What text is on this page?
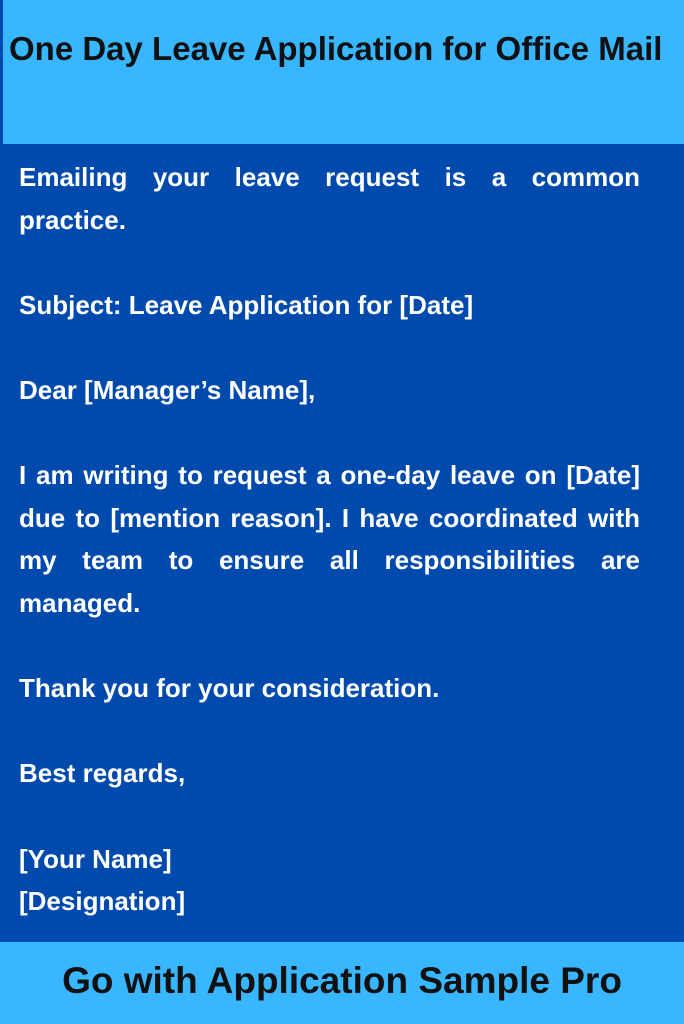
One Day Leave Application for Office Mail

Emailing your leave request is a common practice.

Subject: Leave Application for [Date]

Dear [Manager’s Name],

I am writing to request a one-day leave on [Date] due to [mention reason]. I have coordinated with my team to ensure all responsibilities are managed.

Thank you for your consideration.

Best regards,

[Your Name]
[Designation]

Go with Application Sample Pro
